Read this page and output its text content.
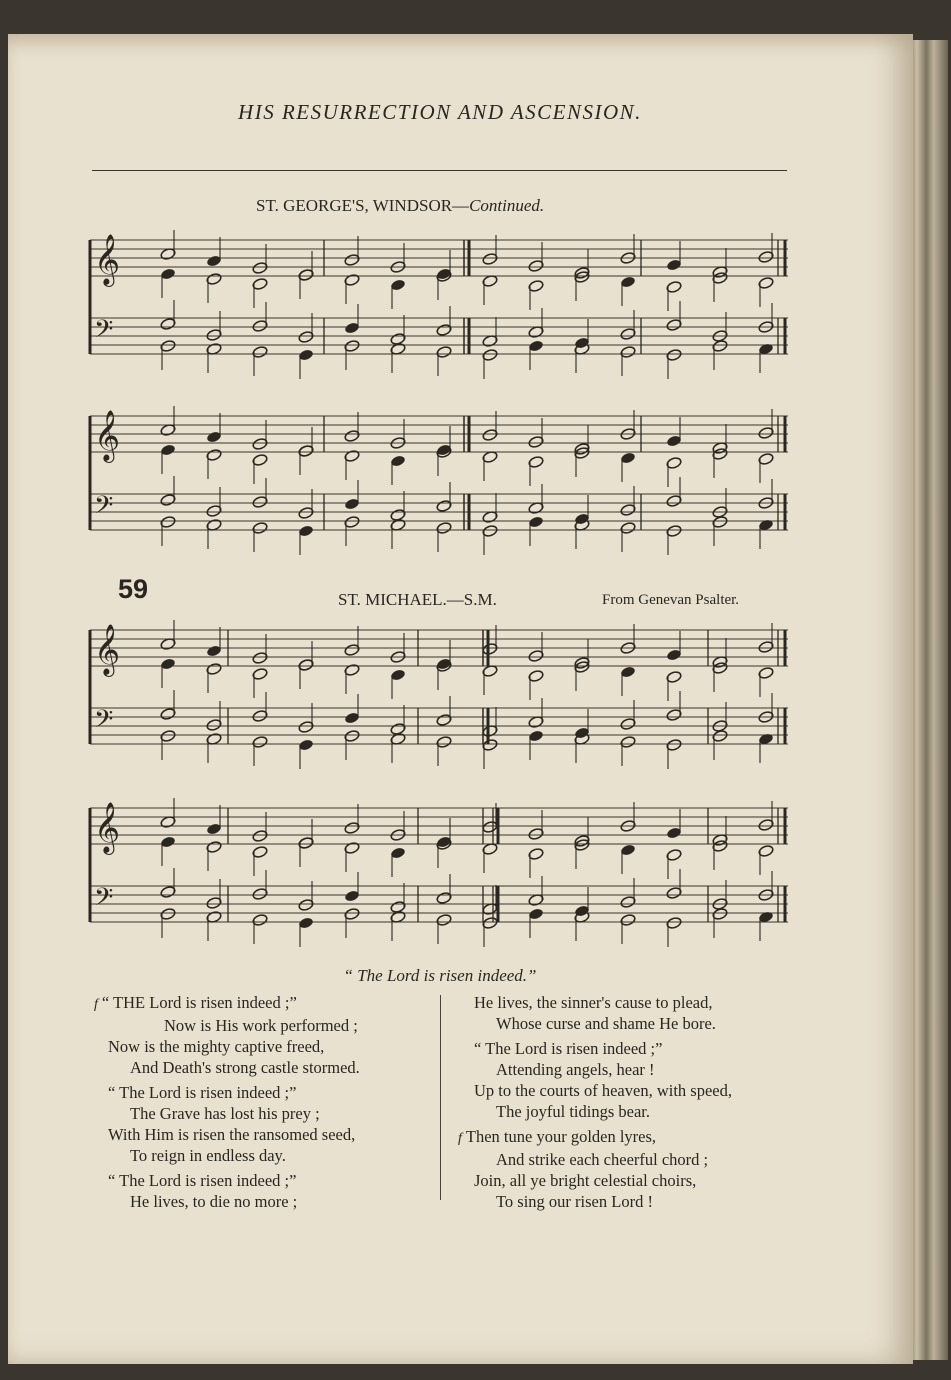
HIS RESURRECTION AND ASCENSION.
ST. GEORGE'S, WINDSOR—Continued.
𝄞
𝄢
𝄞
𝄢
59	ST. MICHAEL.—S.M.	From Genevan Psalter.
𝄞
𝄢
𝄞
𝄢
“ The Lord is risen indeed.”
f “ THE Lord is risen indeed ;”
Now is His work performed ;
Now is the mighty captive freed,
And Death's strong castle stormed.
“ The Lord is risen indeed ;”
The Grave has lost his prey ;
With Him is risen the ransomed seed,
To reign in endless day.
“ The Lord is risen indeed ;”
He lives, to die no more ;
He lives, the sinner's cause to plead,
Whose curse and shame He bore.
“ The Lord is risen indeed ;”
Attending angels, hear !
Up to the courts of heaven, with speed,
The joyful tidings bear.
f Then tune your golden lyres,
And strike each cheerful chord ;
Join, all ye bright celestial choirs,
To sing our risen Lord !
